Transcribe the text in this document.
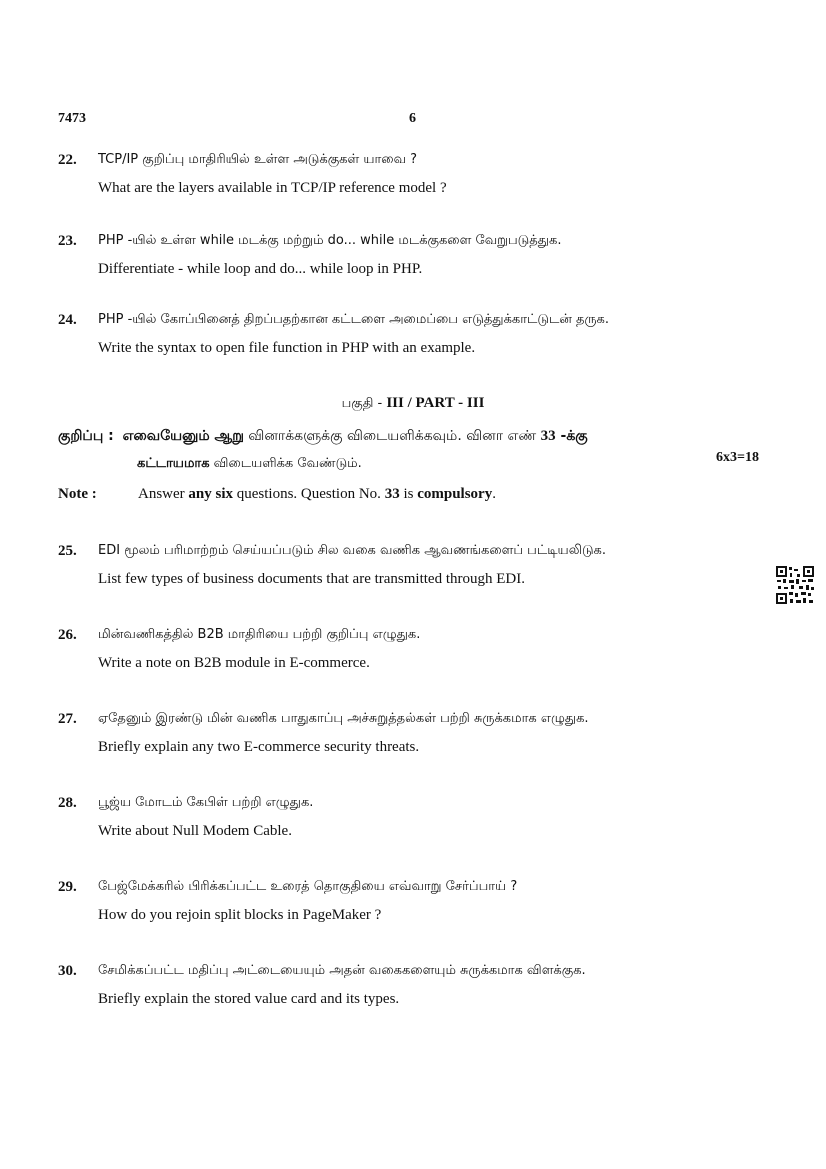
7473	6
22.	TCP/IP குறிப்பு மாதிரியில் உள்ள அடுக்குகள் யாவை ?
What are the layers available in TCP/IP reference model ?
23.	PHP -யில் உள்ள while மடக்கு மற்றும் do... while மடக்குகளை வேறுபடுத்துக.
Differentiate - while loop and do... while loop in PHP.
24.	PHP -யில் கோப்பினைத் திறப்பதற்கான கட்டளை அமைப்பை எடுத்துக்காட்டுடன் தருக.
Write the syntax to open file function in PHP with an example.
பகுதி - III / PART - III
குறிப்பு : எவையேனும் ஆறு வினாக்களுக்கு விடையளிக்கவும். வினா எண் 33 -க்கு
கட்டாயமாக விடையளிக்க வேண்டும்.	6x3=18
Note :	Answer any six questions. Question No. 33 is compulsory.
25.	EDI மூலம் பரிமாற்றம் செய்யப்படும் சில வகை வணிக ஆவணங்களைப் பட்டியலிடுக.
List few types of business documents that are transmitted through EDI.
26.	மின்வணிகத்தில் B2B மாதிரியை பற்றி குறிப்பு எழுதுக.
Write a note on B2B module in E-commerce.
27.	ஏதேனும் இரண்டு மின் வணிக பாதுகாப்பு அச்சுறுத்தல்கள் பற்றி சுருக்கமாக எழுதுக.
Briefly explain any two E-commerce security threats.
28.	பூஜ்ய மோடம் கேபிள் பற்றி எழுதுக.
Write about Null Modem Cable.
29.	பேஜ்மேக்கரில் பிரிக்கப்பட்ட உரைத் தொகுதியை எவ்வாறு சேர்ப்பாய் ?
How do you rejoin split blocks in PageMaker ?
30.	சேமிக்கப்பட்ட மதிப்பு அட்டையையும் அதன் வகைகளையும் சுருக்கமாக விளக்குக.
Briefly explain the stored value card and its types.
